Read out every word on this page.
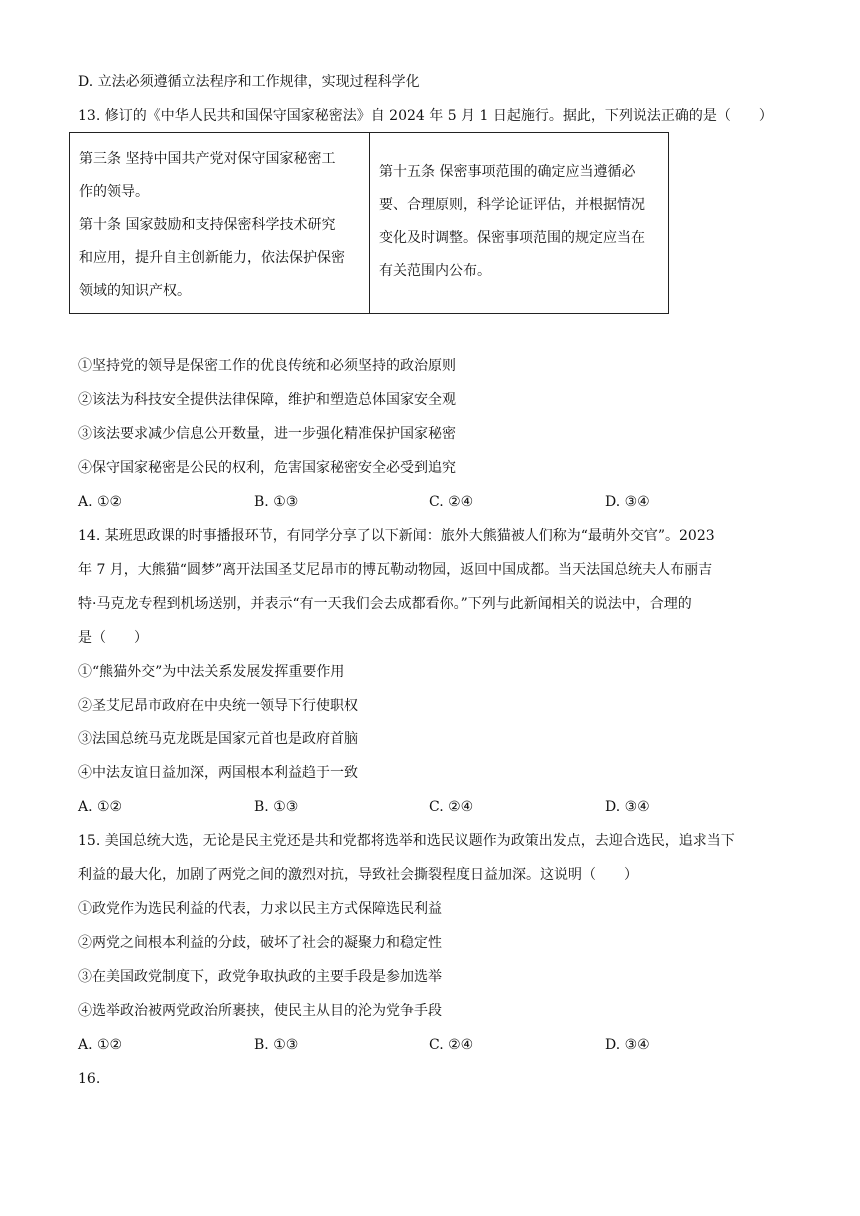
D. 立法必须遵循立法程序和工作规律，实现过程科学化
13. 修订的《中华人民共和国保守国家秘密法》自 2024 年 5 月 1 日起施行。据此，下列说法正确的是（　　）

第三条 坚持中国共产党对保守国家秘密工

作的领导。

第十条 国家鼓励和支持保密科学技术研究

和应用，提升自主创新能力，依法保护保密

领域的知识产权。

第十五条 保密事项范围的确定应当遵循必

要、合理原则，科学论证评估，并根据情况

变化及时调整。保密事项范围的规定应当在

有关范围内公布。

①坚持党的领导是保密工作的优良传统和必须坚持的政治原则
②该法为科技安全提供法律保障，维护和塑造总体国家安全观
③该法要求减少信息公开数量，进一步强化精准保护国家秘密
④保守国家秘密是公民的权利，危害国家秘密安全必受到追究
A. ①②	B. ①③	C. ②④	D. ③④
14. 某班思政课的时事播报环节，有同学分享了以下新闻：旅外大熊猫被人们称为“最萌外交官”。2023
年 7 月，大熊猫“圆梦”离开法国圣艾尼昂市的博瓦勒动物园，返回中国成都。当天法国总统夫人布丽吉
特·马克龙专程到机场送别，并表示“有一天我们会去成都看你。”下列与此新闻相关的说法中，合理的
是（　　）
①“熊猫外交”为中法关系发展发挥重要作用
②圣艾尼昂市政府在中央统一领导下行使职权
③法国总统马克龙既是国家元首也是政府首脑
④中法友谊日益加深，两国根本利益趋于一致
A. ①②	B. ①③	C. ②④	D. ③④
15. 美国总统大选，无论是民主党还是共和党都将选举和选民议题作为政策出发点，去迎合选民，追求当下
利益的最大化，加剧了两党之间的激烈对抗，导致社会撕裂程度日益加深。这说明（　　）
①政党作为选民利益的代表，力求以民主方式保障选民利益
②两党之间根本利益的分歧，破坏了社会的凝聚力和稳定性
③在美国政党制度下，政党争取执政的主要手段是参加选举
④选举政治被两党政治所裹挟，使民主从目的沦为党争手段
A. ①②	B. ①③	C. ②④	D. ③④
16.
